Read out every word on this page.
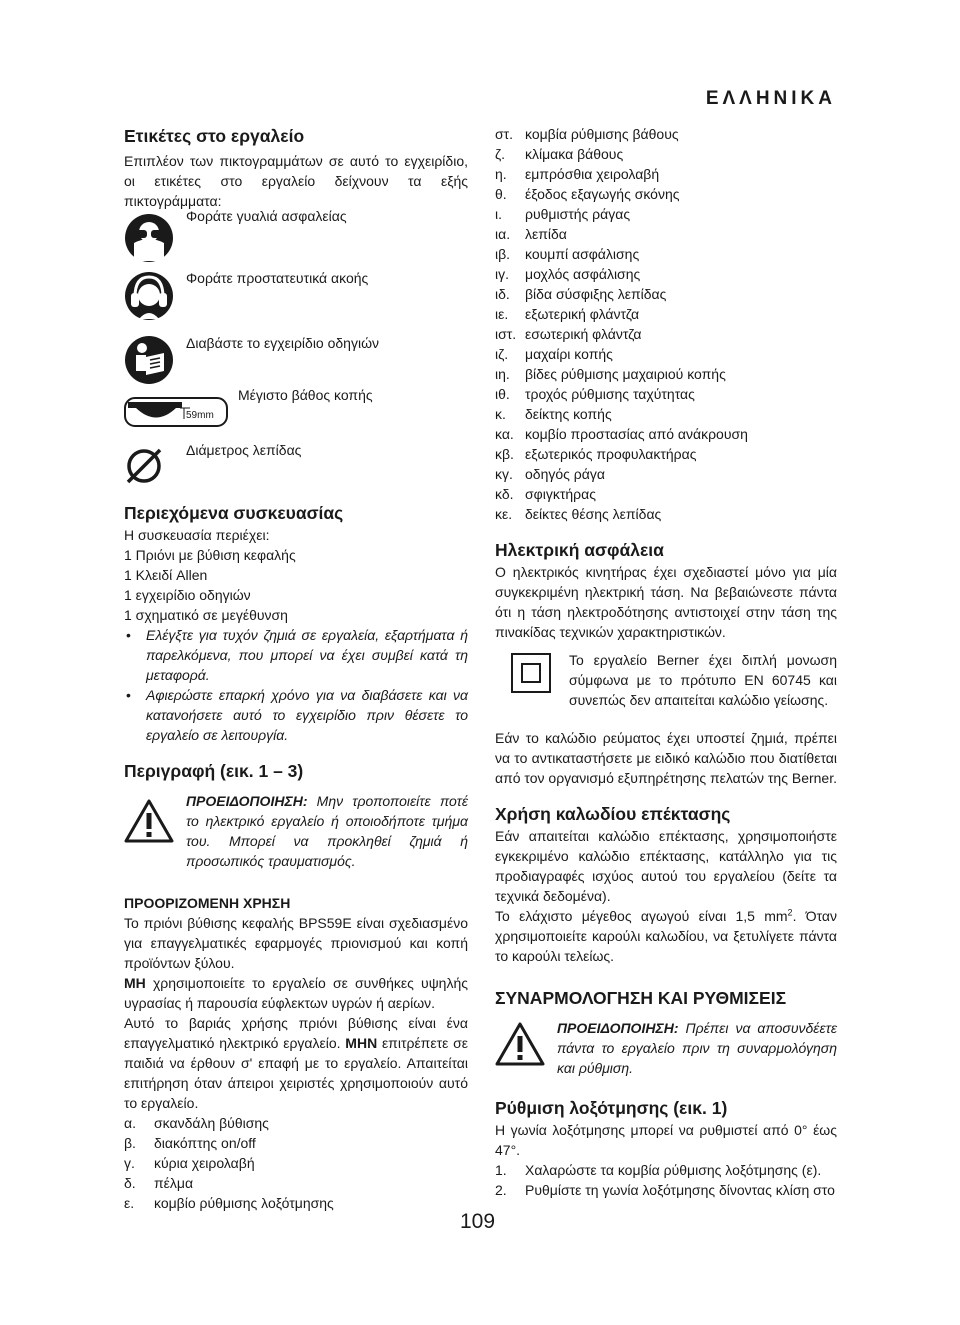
ΕΛΛΗΝΙΚΑ
Ετικέτες στο εργαλείο

Επιπλέον των πικτογραμμάτων σε αυτό το εγχειρίδιο, οι ετικέτες στο εργαλείο δείχνουν τα εξής πικτογράμματα:

Φοράτε γυαλιά ασφαλείας
Φοράτε προστατευτικά ακοής
Διαβάστε το εγχειρίδιο οδηγιών
59mm
Μέγιστο βάθος κοπής
Διάμετρος λεπίδας
Περιεχόμενα συσκευασίας

Η συσκευασία περιέχει:

1 Πριόνι με βύθιση κεφαλής

1 Κλειδί Allen

1 εγχειρίδιο οδηγιών

1 σχηματικό σε μεγέθυνση

• Ελέγξτε για τυχόν ζημιά σε εργαλεία, εξαρτήματα ή παρελκόμενα, που μπορεί να έχει συμβεί κατά τη μεταφορά.
• Αφιερώστε επαρκή χρόνο για να διαβάσετε και να κατανοήσετε αυτό το εγχειρίδιο πριν θέσετε το εργαλείο σε λειτουργία.
Περιγραφή (εικ. 1 – 3)

ΠΡΟΕΙΔΟΠΟΙΗΣΗ: Μην τροποποιείτε ποτέ το ηλεκτρικό εργαλείο ή οποιοδήποτε τμήμα του. Μπορεί να προκληθεί ζημιά ή προσωπικός τραυματισμός.

ΠΡΟΟΡΙΖΟΜΕΝΗ ΧΡΗΣΗ

Το πριόνι βύθισης κεφαλής BPS59E είναι σχεδιασμένο για επαγγελματικές εφαρμογές πριονισμού και κοπή προϊόντων ξύλου.

ΜΗ χρησιμοποιείτε το εργαλείο σε συνθήκες υψηλής υγρασίας ή παρουσία εύφλεκτων υγρών ή αερίων.

Αυτό το βαριάς χρήσης πριόνι βύθισης είναι ένα επαγγελματικό ηλεκτρικό εργαλείο. ΜΗΝ επιτρέπετε σε παιδιά να έρθουν σ' επαφή με το εργαλείο. Απαιτείται επιτήρηση όταν άπειροι χειριστές χρησιμοποιούν αυτό το εργαλείο.

α.	σκανδάλη βύθισης
β.	διακόπτης on/off
γ.	κύρια χειρολαβή
δ.	πέλμα
ε.	κομβίο ρύθμισης λοξότμησης
στ. κομβία ρύθμισης βάθους
ζ.	κλίμακα βάθους
η.	εμπρόσθια χειρολαβή
θ.	έξοδος εξαγωγής σκόνης
ι.	ρυθμιστής ράγας
ια.	λεπίδα
ιβ.	κουμπί ασφάλισης
ιγ.	μοχλός ασφάλισης
ιδ.	βίδα σύσφιξης λεπίδας
ιε.	εξωτερική φλάντζα
ιστ. εσωτερική φλάντζα
ιζ.	μαχαίρι κοπής
ιη.	βίδες ρύθμισης μαχαιριού κοπής
ιθ.	τροχός ρύθμισης ταχύτητας
κ.	δείκτης κοπής
κα. κομβίο προστασίας από ανάκρουση
κβ. εξωτερικός προφυλακτήρας
κγ. οδηγός ράγα
κδ. σφιγκτήρας
κε. δείκτες θέσης λεπίδας
Ηλεκτρική ασφάλεια

Ο ηλεκτρικός κινητήρας έχει σχεδιαστεί μόνο για μία συγκεκριμένη ηλεκτρική τάση. Να βεβαιώνεστε πάντα ότι η τάση ηλεκτροδότησης αντιστοιχεί στην τάση της πινακίδας τεχνικών χαρακτηριστικών.

Το εργαλείο Berner έχει διπλή μονωση σύμφωνα με το πρότυπο EN 60745 και συνεπώς δεν απαιτείται καλώδιο γείωσης.

Εάν το καλώδιο ρεύματος έχει υποστεί ζημιά, πρέπει να το αντικαταστήσετε με ειδικό καλώδιο που διατίθεται από τον οργανισμό εξυπηρέτησης πελατών της Berner.

Χρήση καλωδίου επέκτασης

Εάν απαιτείται καλώδιο επέκτασης, χρησιμοποιήστε εγκεκριμένο καλώδιο επέκτασης, κατάλληλο για τις προδιαγραφές ισχύος αυτού του εργαλείου (δείτε τα τεχνικά δεδομένα).

Το ελάχιστο μέγεθος αγωγού είναι 1,5 $mm^2$. Όταν χρησιμοποιείτε καρούλι καλωδίου, να ξετυλίγετε πάντα το καρούλι τελείως.

ΣΥΝΑΡΜΟΛΟΓΗΣΗ ΚΑΙ ΡΥΘΜΙΣΕΙΣ

ΠΡΟΕΙΔΟΠΟΙΗΣΗ: Πρέπει να αποσυνδέετε πάντα το εργαλείο πριν τη συναρμολόγηση και ρύθμιση.

Ρύθμιση λοξότμησης (εικ. 1)

Η γωνία λοξότμησης μπορεί να ρυθμιστεί από 0° έως 47°.

1.	Χαλαρώστε τα κομβία ρύθμισης λοξότμησης (ε).
2.	Ρυθμίστε τη γωνία λοξότμησης δίνοντας κλίση στο
109
